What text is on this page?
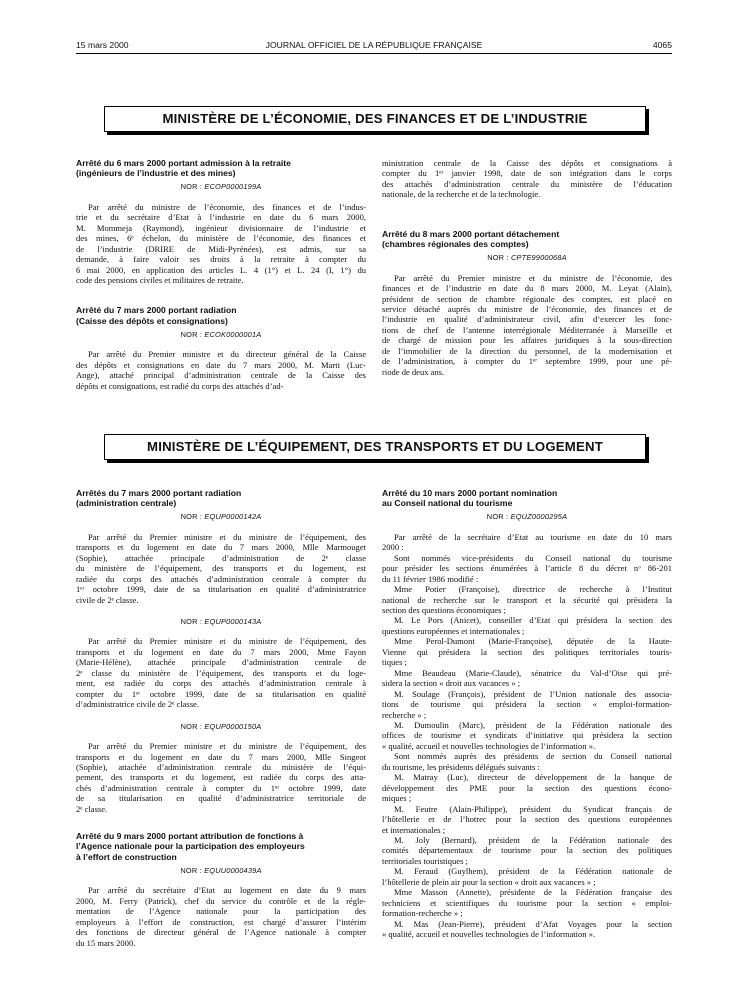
15 mars 2000	JOURNAL OFFICIEL DE LA RÉPUBLIQUE FRANÇAISE	4065
MINISTÈRE DE L’ÉCONOMIE, DES FINANCES ET DE L’INDUSTRIE

Arrêté du 6 mars 2000 portant admission à la retraite

(ingénieurs de l’industrie et des mines)

NOR : ECOP0000199A
Par arrêté du ministre de l’économie, des finances et de l’indus-
trie et du secrétaire d’Etat à l’industrie en date du 6 mars 2000,
M. Mommeja (Raymond), ingénieur divisionnaire de l’industrie et
des mines, 6ᵉ échelon, du ministère de l’économie, des finances et
de l’industrie (DRIRE de Midi-Pyrénées), est admis, sur sa
demande, à faire valoir ses droits à la retraite à compter du
6 mai 2000, en application des articles L. 4 (1°) et L. 24 (I, 1°) du
code des pensions civiles et militaires de retraite.

Arrêté du 7 mars 2000 portant radiation

(Caisse des dépôts et consignations)

NOR : ECOK0000001A
Par arrêté du Premier ministre et du directeur général de la Caisse
des dépôts et consignations en date du 7 mars 2000, M. Marti (Luc-
Ange), attaché principal d’administration centrale de la Caisse des
dépôts et consignations, est radié du corps des attachés d’ad-
ministration centrale de la Caisse des dépôts et consignations à
compter du 1ᵉʳ janvier 1998, date de son intégration dans le corps
des attachés d’administration centrale du ministère de l’éducation
nationale, de la recherche et de la technologie.

Arrêté du 8 mars 2000 portant détachement

(chambres régionales des comptes)

NOR : CPTE9900068A
Par arrêté du Premier ministre et du ministre de l’économie, des
finances et de l’industrie en date du 8 mars 2000, M. Leyat (Alain),
président de section de chambre régionale des comptes, est placé en
service détaché auprès du ministre de l’économie, des finances et de
l’industrie en qualité d’administrateur civil, afin d’exercer les fonc-
tions de chef de l’antenne interrégionale Méditerranée à Marseille et
de chargé de mission pour les affaires juridiques à la sous-direction
de l’immobilier de la direction du personnel, de la modernisation et
de l’administration, à compter du 1ᵉʳ septembre 1999, pour une pé-
riode de deux ans.
MINISTÈRE DE L’ÉQUIPEMENT, DES TRANSPORTS ET DU LOGEMENT

Arrêtés du 7 mars 2000 portant radiation

(administration centrale)

NOR : EQUP0000142A
Par arrêté du Premier ministre et du ministre de l’équipement, des
transports et du logement en date du 7 mars 2000, Mlle Marmouget
(Sophie), attachée principale d’administration de 2ᵉ classe
du ministère de l’équipement, des transports et du logement, est
radiée du corps des attachés d’administration centrale à compter du
1ᵉʳ octobre 1999, date de sa titularisation en qualité d’administratrice
civile de 2ᵉ classe.
NOR : EQUP0000143A
Par arrêté du Premier ministre et du ministre de l’équipement, des
transports et du logement en date du 7 mars 2000, Mme Fayon
(Marie-Hélène), attachée principale d’administration centrale de
2ᵉ classe du ministère de l’équipement, des transports et du loge-
ment, est radiée du corps des attachés d’administration centrale à
compter du 1ᵉʳ octobre 1999, date de sa titularisation en qualité
d’administratrice civile de 2ᵉ classe.
NOR : EQUP0000150A
Par arrêté du Premier ministre et du ministre de l’équipement, des
transports et du logement en date du 7 mars 2000, Mlle Singeot
(Sophie), attachée d’administration centrale du ministère de l’équi-
pement, des transports et du logement, est radiée du corps des atta-
chés d’administration centrale à compter du 1ᵉʳ octobre 1999, date
de sa titularisation en qualité d’administratrice territoriale de
2ᵉ classe.

Arrêté du 9 mars 2000 portant attribution de fonctions à

l’Agence nationale pour la participation des employeurs

à l’effort de construction

NOR : EQUU0000439A
Par arrêté du secrétaire d’Etat au logement en date du 9 mars
2000, M. Ferry (Patrick), chef du service du contrôle et de la régle-
mentation de l’Agence nationale pour la participation des
employeurs à l’effort de construction, est chargé d’assurer l’intérim
des fonctions de directeur général de l’Agence nationale à compter
du 15 mars 2000.

Arrêté du 10 mars 2000 portant nomination

au Conseil national du tourisme

NOR : EQUZ0000295A
Par arrêté de la secrétaire d’Etat au tourisme en date du 10 mars
2000 :
Sont nommés vice-présidents du Conseil national du tourisme
pour présider les sections énumérées à l’article 8 du décret nᵒ 86-201
du 11 février 1986 modifié :
Mme Potier (Françoise), directrice de recherche à l’Institut
national de recherche sur le transport et la sécurité qui présidera la
section des questions économiques ;
M. Le Pors (Anicet), conseiller d’Etat qui présidera la section des
questions européennes et internationales ;
Mme Perol-Dumont (Marie-Françoise), députée de la Haute-
Vienne qui présidera la section des politiques territoriales touris-
tiques ;
Mme Beaudeau (Marie-Claude), sénatrice du Val-d’Oise qui pré-
sidera la section « droit aux vacances » ;
M. Soulage (François), président de l’Union nationale des associa-
tions de tourisme qui présidera la section « emploi-formation-
recherche » ;
M. Dumoulin (Marc), président de la Fédération nationale des
offices de tourisme et syndicats d’initiative qui présidera la section
« qualité, accueil et nouvelles technologies de l’information ».
Sont nommés auprès des présidents de section du Conseil national
du tourisme, les présidents délégués suivants :
M. Matray (Luc), directeur de développement de la banque de
développement des PME pour la section des questions écono-
miques ;
M. Feutre (Alain-Philippe), président du Syndicat français de
l’hôtellerie et de l’hotrec pour la section des questions européennes
et internationales ;
M. Joly (Bernard), président de la Fédération nationale des
comités départementaux de tourisme pour la section des politiques
territoriales touristiques ;
M. Feraud (Guylhem), président de la Fédération nationale de
l’hôtellerie de plein air pour la section « droit aux vacances » ;
Mme Masson (Annette), présidente de la Fédération française des
techniciens et scientifiques du tourisme pour la section « emploi-
formation-recherche » ;
M. Mas (Jean-Pierre), président d’Afat Voyages pour la section
« qualité, accueil et nouvelles technologies de l’information ».
